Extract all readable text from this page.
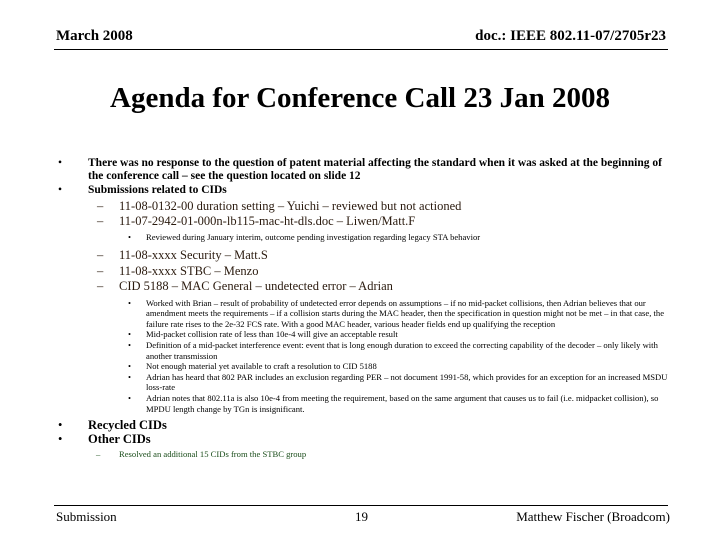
March 2008	doc.: IEEE 802.11-07/2705r23
Agenda for Conference Call 23 Jan 2008
• There was no response to the question of patent material affecting the standard when it was asked at the beginning of the conference call – see the question located on slide 12
• Submissions related to CIDs
– 11-08-0132-00 duration setting – Yuichi – reviewed but not actioned
– 11-07-2942-01-000n-lb115-mac-ht-dls.doc – Liwen/Matt.F
• Reviewed during January interim, outcome pending investigation regarding legacy STA behavior
– 11-08-xxxx Security – Matt.S
– 11-08-xxxx STBC – Menzo
– CID 5188 – MAC General – undetected error – Adrian
• Worked with Brian – result of probability of undetected error depends on assumptions – if no mid-packet collisions, then Adrian believes that our amendment meets the requirements – if a collision starts during the MAC header, then the specification in question might not be met – in that case, the failure rate rises to the 2e-32 FCS rate. With a good MAC header, various header fields end up qualifying the reception
• Mid-packet collision rate of less than 10e-4 will give an acceptable result
• Definition of a mid-packet interference event: event that is long enough duration to exceed the correcting capability of the decoder – only likely with another transmission
• Not enough material yet available to craft a resolution to CID 5188
• Adrian has heard that 802 PAR includes an exclusion regarding PER – not document 1991-58, which provides for an exception for an increased MSDU loss-rate
• Adrian notes that 802.11a is also 10e-4 from meeting the requirement, based on the same argument that causes us to fail (i.e. midpacket collision), so MPDU length change by TGn is insignificant.
• Recycled CIDs
• Other CIDs
– Resolved an additional 15 CIDs from the STBC group
Submission	19	Matthew Fischer (Broadcom)
